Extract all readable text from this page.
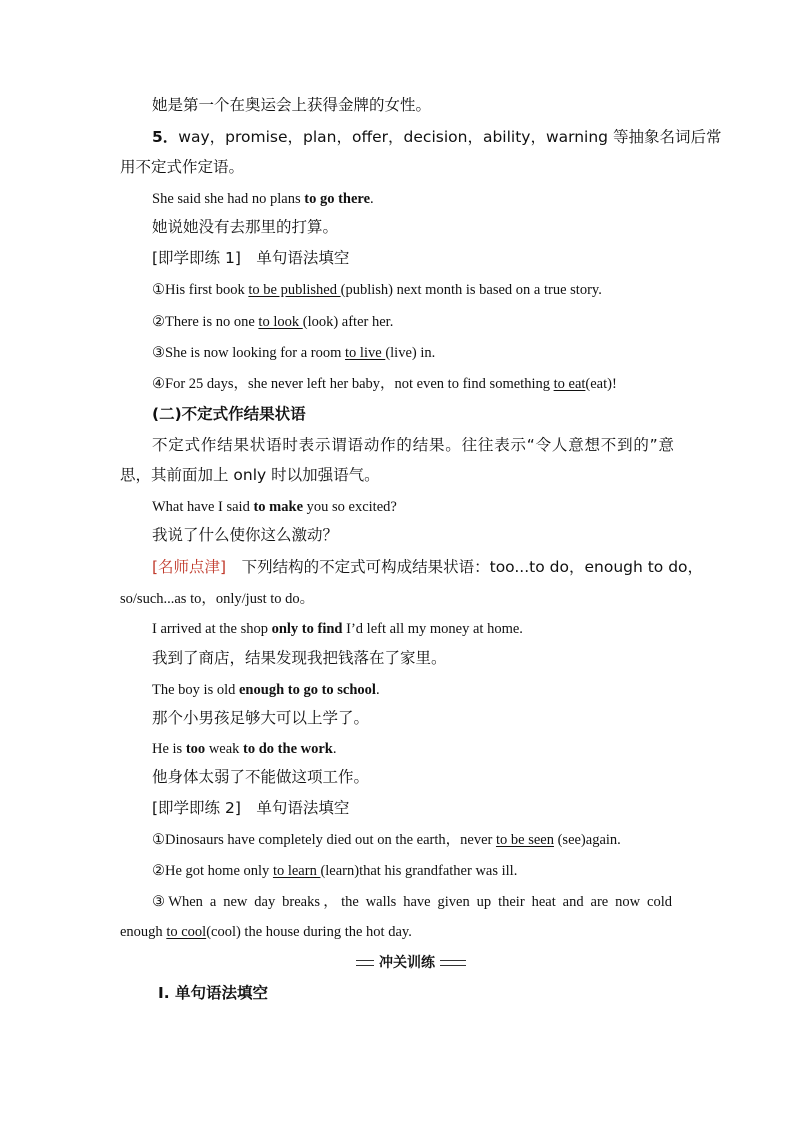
她是第一个在奥运会上获得金牌的女性。
5．way，promise，plan，offer，decision，ability，warning 等抽象名词后常
用不定式作定语。
She said she had no plans to go there.
她说她没有去那里的打算。
[即学即练 1]　单句语法填空
①His first book to be published (publish) next month is based on a true story.
②There is no one to look (look) after her.
③She is now looking for a room to live (live) in.
④For 25 days，she never left her baby，not even to find something to eat(eat)!
(二)不定式作结果状语
不定式作结果状语时表示谓语动作的结果。往往表示“令人意想不到的”意
思，其前面加上 only 时以加强语气。
What have I said to make you so excited?
我说了什么使你这么激动？
[名师点津]　下列结构的不定式可构成结果状语：too...to do，enough to do，
so/such...as to，only/just to do。
I arrived at the shop only to find I’d left all my money at home.
我到了商店，结果发现我把钱落在了家里。
The boy is old enough to go to school.
那个小男孩足够大可以上学了。
He is too weak to do the work.
他身体太弱了不能做这项工作。
[即学即练 2]　单句语法填空
①Dinosaurs have completely died out on the earth，never to be seen (see)again.
②He got home only to learn (learn)that his grandfather was ill.
③When a new day breaks，the walls have given up their heat and are now cold
enough to cool(cool) the house during the hot day.
冲关训练
Ⅰ. 单句语法填空
